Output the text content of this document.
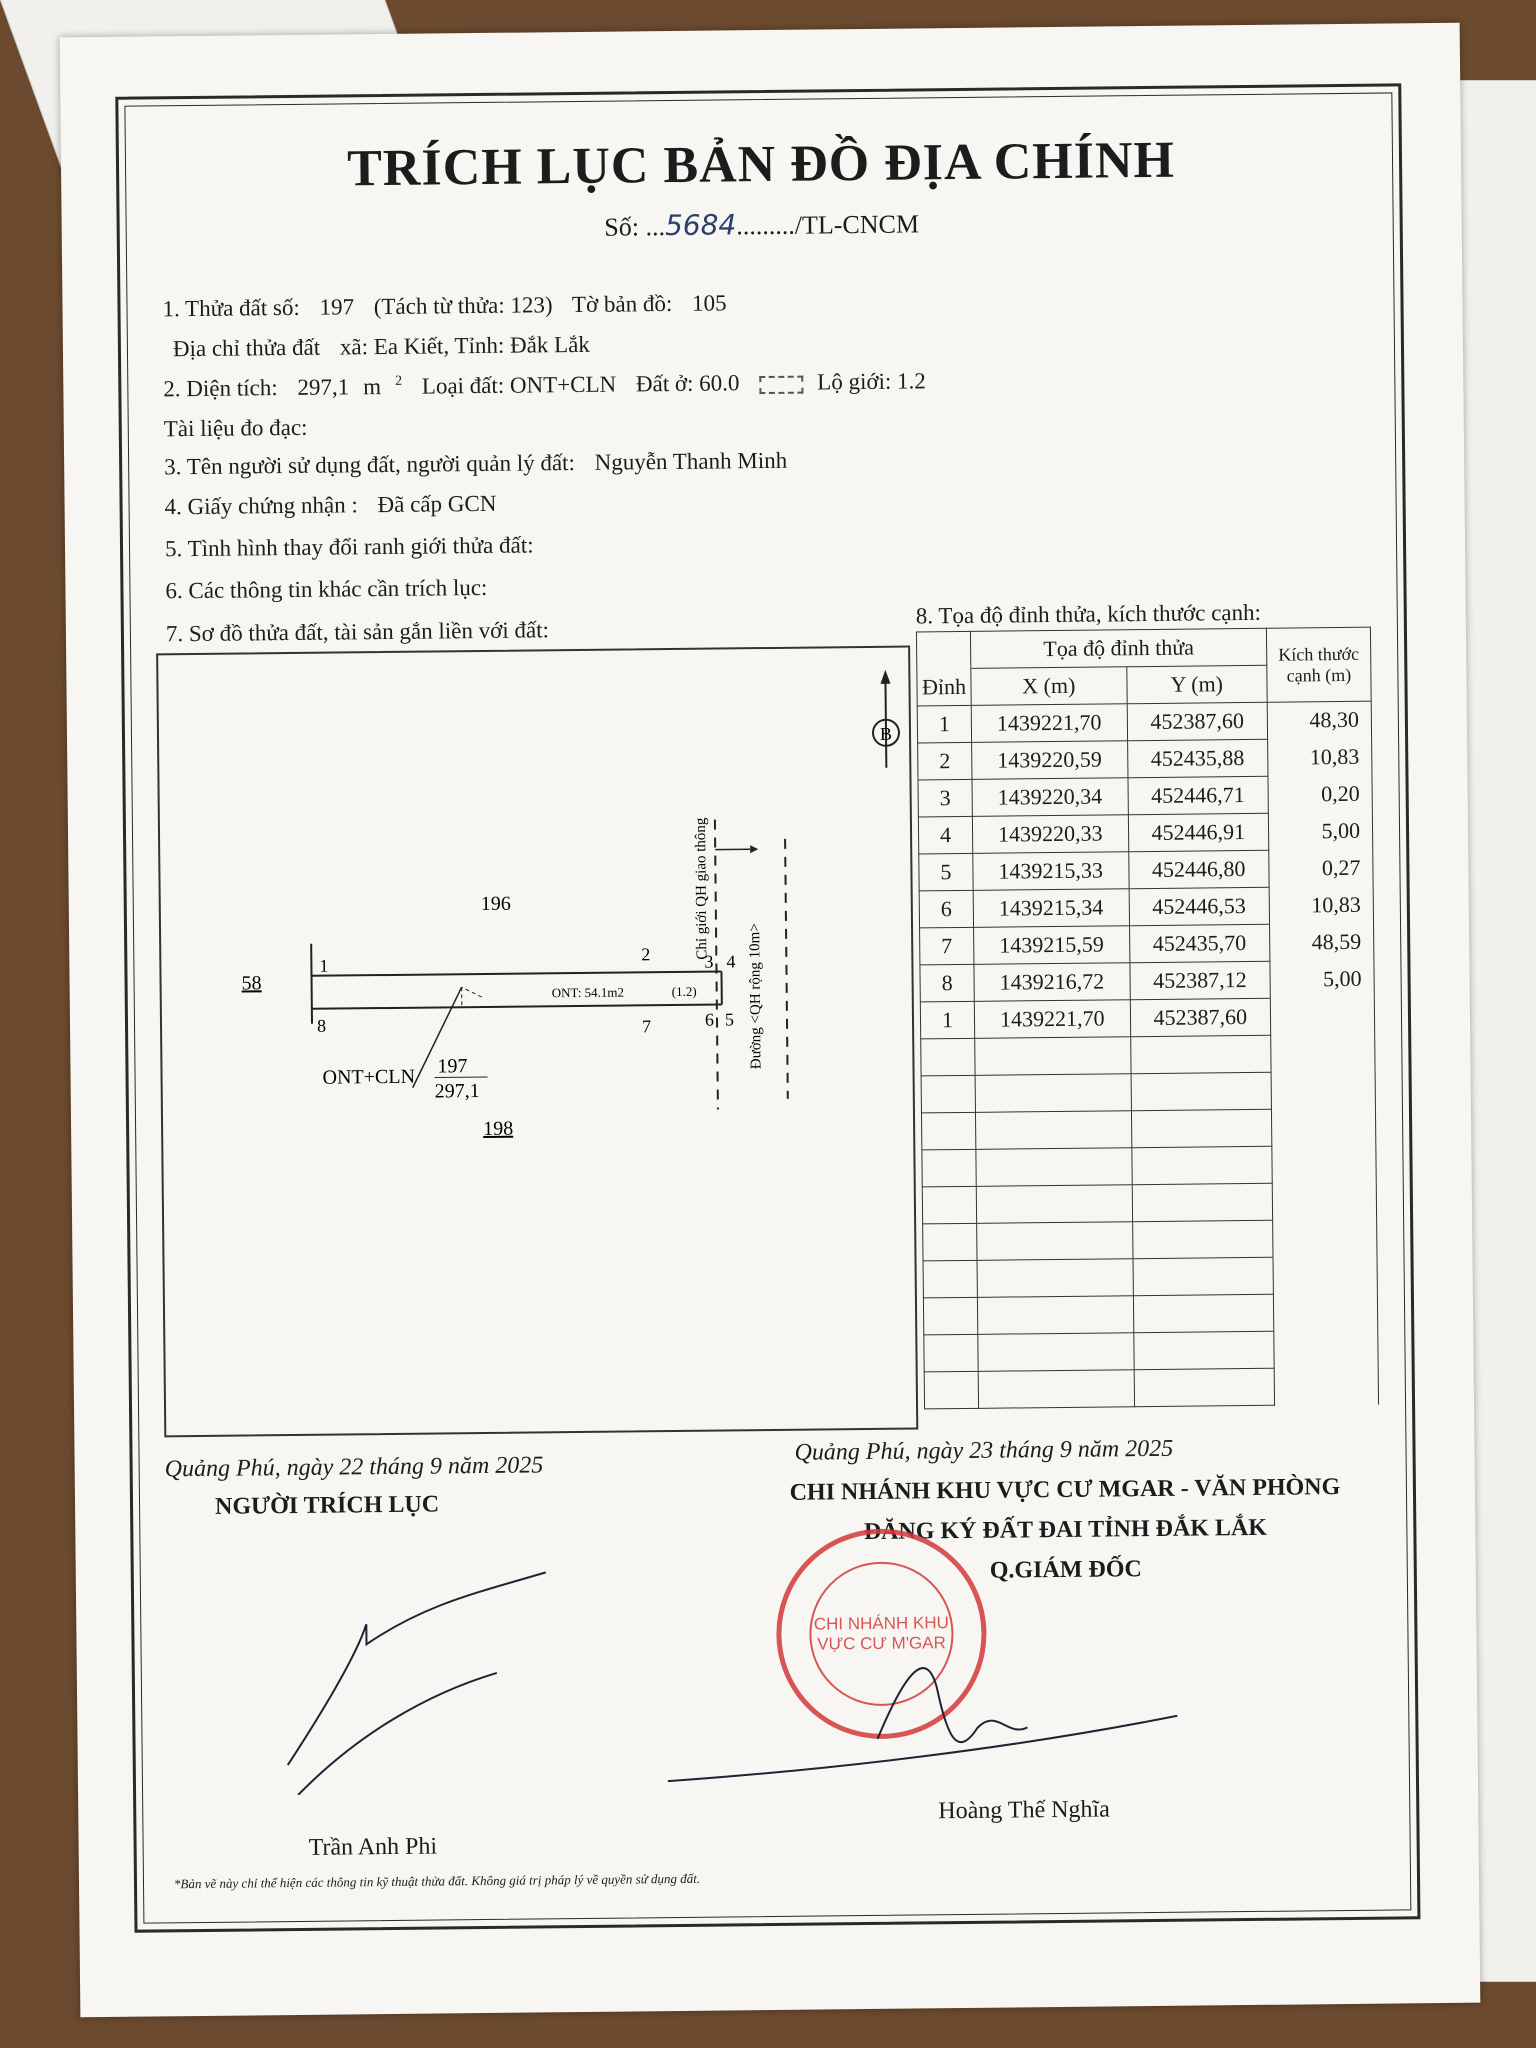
TRÍCH LỤC BẢN ĐỒ ĐỊA CHÍNH
Số: ...5684........./TL-CNCM
1. Thửa đất số: 197 (Tách từ thửa: 123) Tờ bản đồ: 105
Địa chỉ thửa đất xã: Ea Kiết, Tỉnh: Đắk Lắk
2. Diện tích: 297,1 m $^2$ Loại đất: ONT+CLN Đất ở: 60.0	Lộ giới: 1.2
Tài liệu đo đạc:
3. Tên người sử dụng đất, người quản lý đất: Nguyễn Thanh Minh
4. Giấy chứng nhận : Đã cấp GCN
5. Tình hình thay đổi ranh giới thửa đất:
6. Các thông tin khác cần trích lục:
7. Sơ đồ thửa đất, tài sản gắn liền với đất:
8. Tọa độ đỉnh thửa, kích thước cạnh:
B
196
58
198
1
2	3 4
5
6
7
8
ONT: 54.1m2	(1.2)
ONT+CLN 197
297,1
Chỉ giới QH giao thông
Đường <QH rộng 10m>
	Tọa độ đỉnh thửa		Kích thước cạnh (m)
Đỉnh	X (m)	Y (m)	
1	1439221,70	452387,60	48,30
2	1439220,59	452435,88	10,83
3	1439220,34	452446,71	0,20
4	1439220,33	452446,91	5,00
5	1439215,33	452446,80	0,27
6	1439215,34	452446,53	10,83
7	1439215,59	452435,70	48,59
8	1439216,72	452387,12	5,00
1	1439221,70	452387,60	

Quảng Phú, ngày 22 tháng 9 năm 2025
NGƯỜI TRÍCH LỤC
Trần Anh Phi
Quảng Phú, ngày 23 tháng 9 năm 2025
CHI NHÁNH KHU VỰC CƯ MGAR - VĂN PHÒNG
ĐĂNG KÝ ĐẤT ĐAI TỈNH ĐẮK LẮK
Q.GIÁM ĐỐC
CHI NHÁNH KHU VỰC CƯ M'GAR
Hoàng Thế Nghĩa
*Bản vẽ này chỉ thể hiện các thông tin kỹ thuật thửa đất. Không giá trị pháp lý về quyền sử dụng đất.
